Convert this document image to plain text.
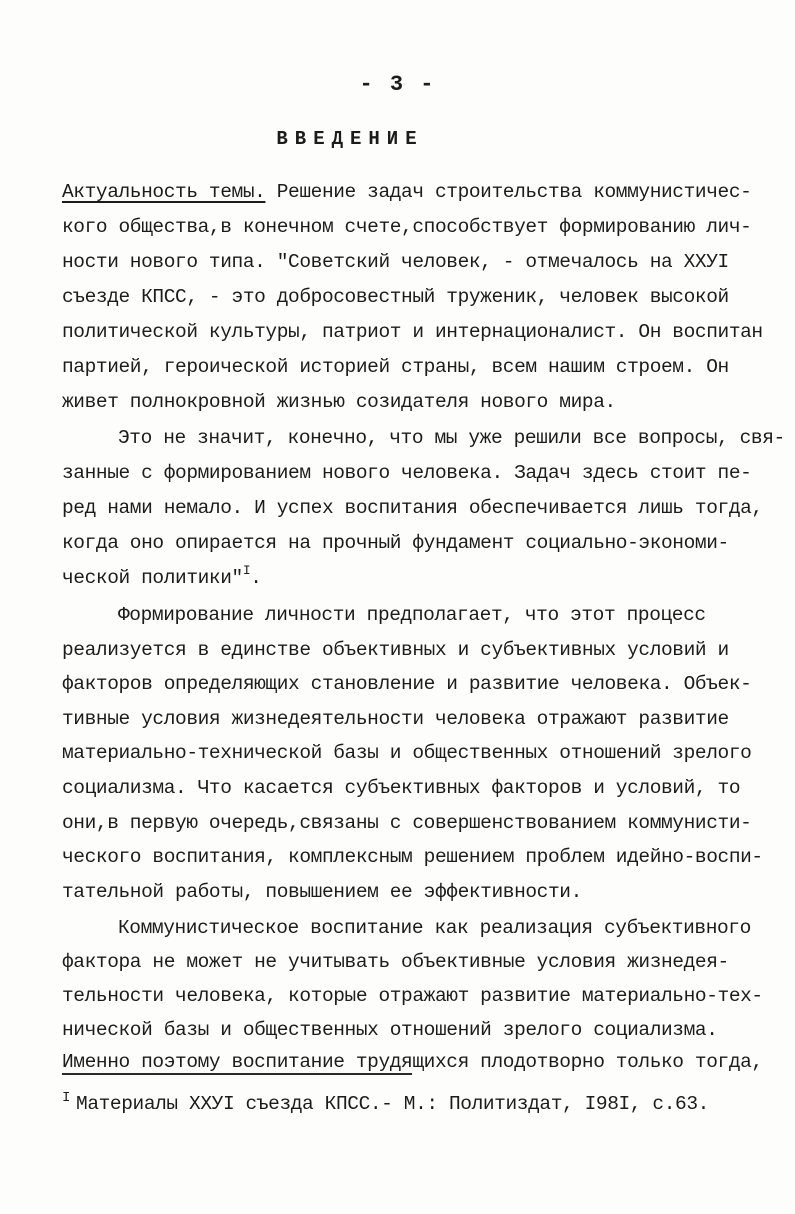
- 3 -
ВВЕДЕНИЕ
Актуальность темы. Решение задач строительства коммунистичес-
кого общества,в конечном счете,способствует формированию лич-
ности нового типа. "Советский человек, - отмечалось на XXУI
съезде КПСС, - это добросовестный труженик, человек высокой
политической культуры, патриот и интернационалист. Он воспитан
партией, героической историей страны, всем нашим строем. Он
живет полнокровной жизнью созидателя нового мира.
Это не значит, конечно, что мы уже решили все вопросы, свя-
занные с формированием нового человека. Задач здесь стоит пе-
ред нами немало. И успех воспитания обеспечивается лишь тогда,
когда оно опирается на прочный фундамент социально-экономи-
ческой политики"$^I$.
Формирование личности предполагает, что этот процесс
реализуется в единстве объективных и субъективных условий и
факторов определяющих становление и развитие человека. Объек-
тивные условия жизнедеятельности человека отражают развитие
материально-технической базы и общественных отношений зрелого
социализма. Что касается субъективных факторов и условий, то
они,в первую очередь,связаны с совершенствованием коммунисти-
ческого воспитания, комплексным решением проблем идейно-воспи-
тательной работы, повышением ее эффективности.
Коммунистическое воспитание как реализация субъективного
фактора не может не учитывать объективные условия жизнедея-
тельности человека, которые отражают развитие материально-тех-
нической базы и общественных отношений зрелого социализма.
Именно поэтому воспитание трудящихся плодотворно только тогда,
$^I$ Материалы XXУI съезда КПСС.- М.: Политиздат, I98I, с.63.
